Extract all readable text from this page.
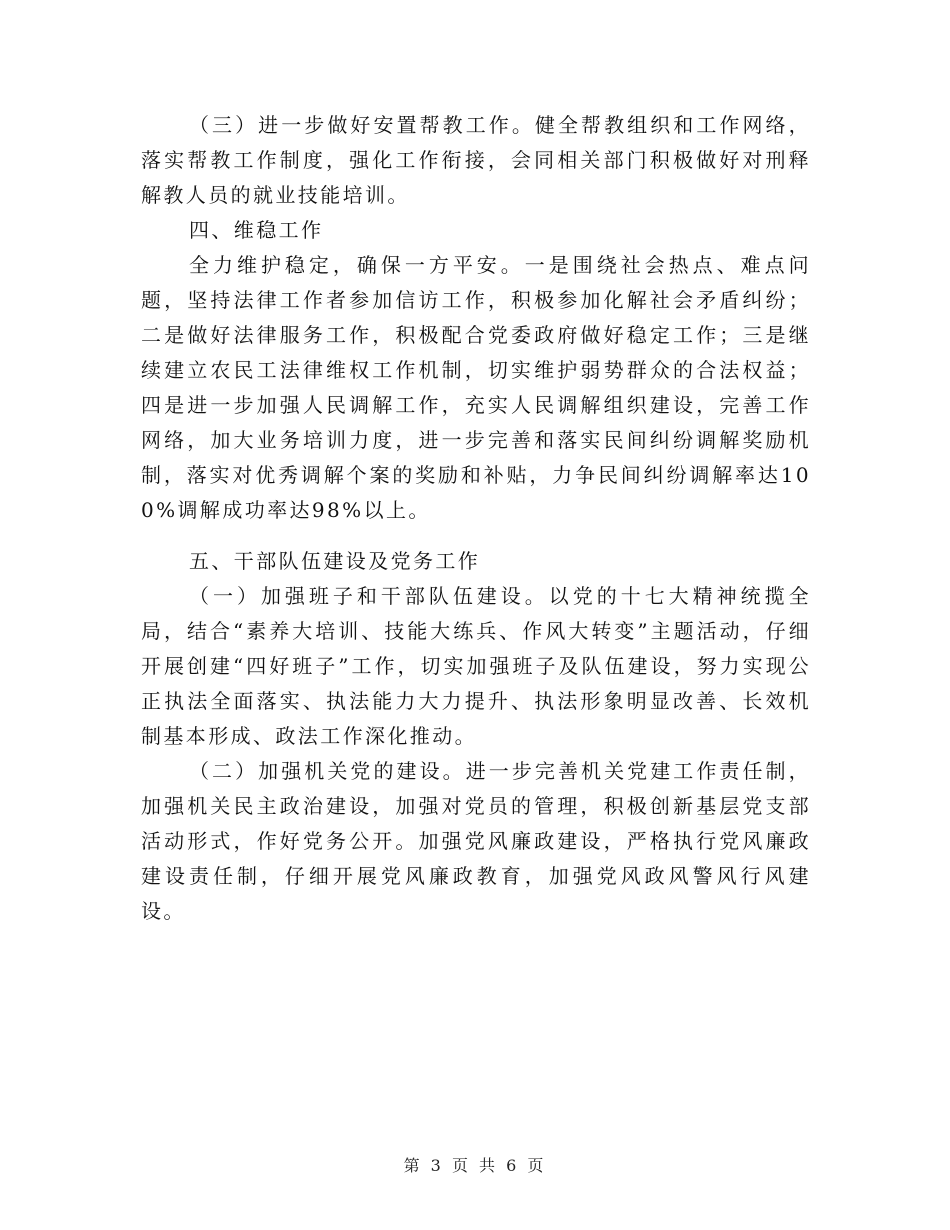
（三）进一步做好安置帮教工作。健全帮教组织和工作网络，落实帮教工作制度，强化工作衔接，会同相关部门积极做好对刑释解教人员的就业技能培训。

四、维稳工作

全力维护稳定，确保一方平安。一是围绕社会热点、难点问题，坚持法律工作者参加信访工作，积极参加化解社会矛盾纠纷；二是做好法律服务工作，积极配合党委政府做好稳定工作；三是继续建立农民工法律维权工作机制，切实维护弱势群众的合法权益；四是进一步加强人民调解工作，充实人民调解组织建设，完善工作网络，加大业务培训力度，进一步完善和落实民间纠纷调解奖励机制，落实对优秀调解个案的奖励和补贴，力争民间纠纷调解率达100%调解成功率达98%以上。

五、干部队伍建设及党务工作

（一）加强班子和干部队伍建设。以党的十七大精神统揽全局，结合“素养大培训、技能大练兵、作风大转变”主题活动，仔细开展创建“四好班子”工作，切实加强班子及队伍建设，努力实现公正执法全面落实、执法能力大力提升、执法形象明显改善、长效机制基本形成、政法工作深化推动。

（二）加强机关党的建设。进一步完善机关党建工作责任制，加强机关民主政治建设，加强对党员的管理，积极创新基层党支部活动形式，作好党务公开。加强党风廉政建设，严格执行党风廉政建设责任制，仔细开展党风廉政教育，加强党风政风警风行风建设。

第 3 页 共 6 页
